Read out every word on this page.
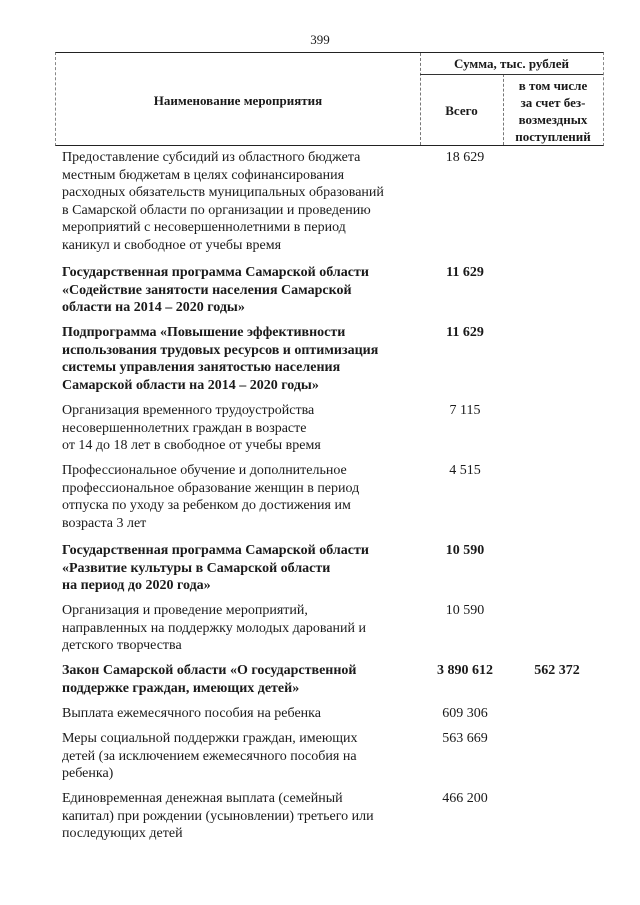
399
Наименование мероприятия
Сумма, тыс. рублей
Всего
в том числе
за счет без-
возмездных
поступлений
Предоставление субсидий из областного бюджета
местным бюджетам в целях софинансирования
расходных обязательств муниципальных образований
в Самарской области по организации и проведению
мероприятий с несовершеннолетними в период
каникул и свободное от учебы время
18 629
Государственная программа Самарской области
«Содействие занятости населения Самарской
области на 2014 – 2020 годы»
11 629
Подпрограмма «Повышение эффективности
использования трудовых ресурсов и оптимизация
системы управления занятостью населения
Самарской области на 2014 – 2020 годы»
11 629
Организация временного трудоустройства
несовершеннолетних граждан в возрасте
от 14 до 18 лет в свободное от учебы время
7 115
Профессиональное обучение и дополнительное
профессиональное образование женщин в период
отпуска по уходу за ребенком до достижения им
возраста 3 лет
4 515
Государственная программа Самарской области
«Развитие культуры в Самарской области
на период до 2020 года»
10 590
Организация и проведение мероприятий,
направленных на поддержку молодых дарований и
детского творчества
10 590
Закон Самарской области «О государственной
поддержке граждан, имеющих детей»
3 890 612	562 372
Выплата ежемесячного пособия на ребенка	609 306
Меры социальной поддержки граждан, имеющих
детей (за исключением ежемесячного пособия на
ребенка)
563 669
Единовременная денежная выплата (семейный
капитал) при рождении (усыновлении) третьего или
последующих детей
466 200
